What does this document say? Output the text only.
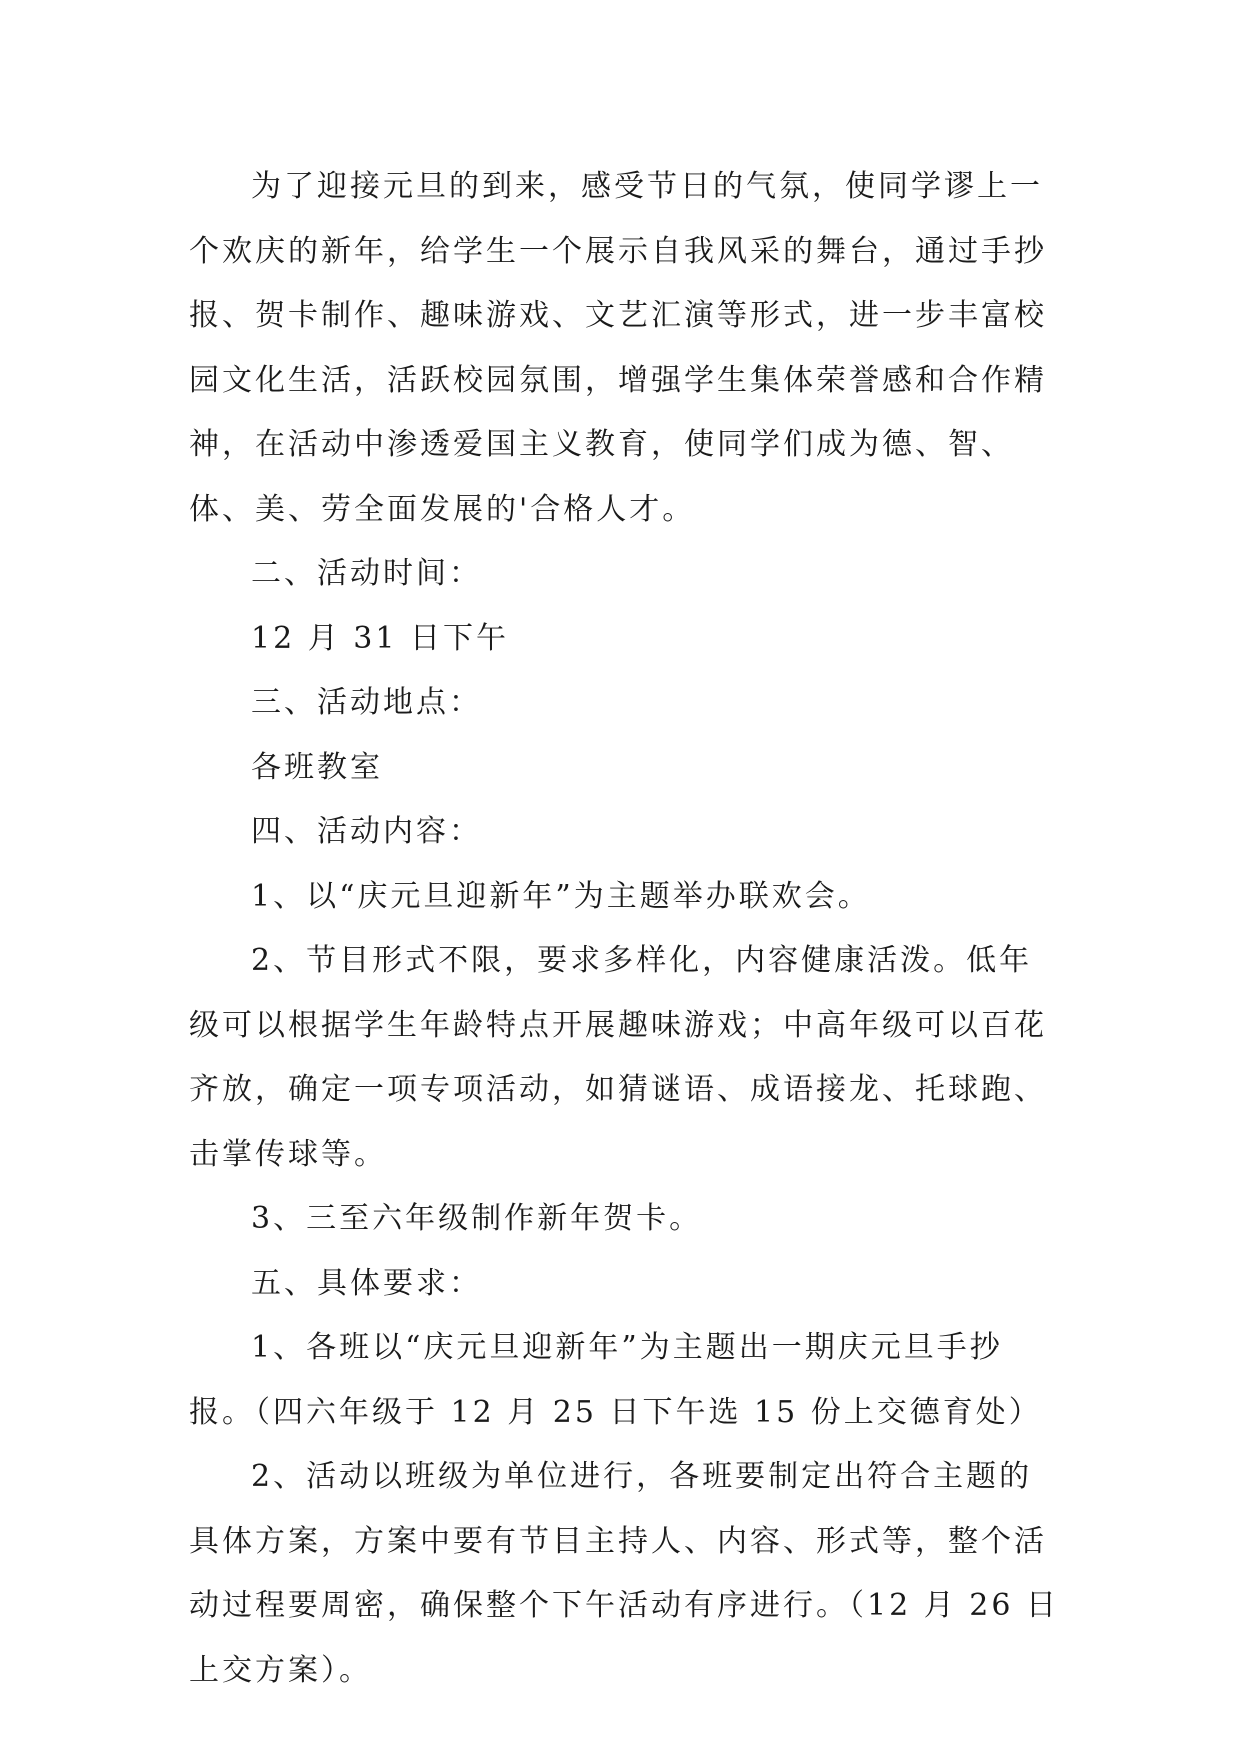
为了迎接元旦的到来，感受节日的气氛，使同学谬上一个欢庆的新年，给学生一个展示自我风采的舞台，通过手抄报、贺卡制作、趣味游戏、文艺汇演等形式，进一步丰富校园文化生活，活跃校园氛围，增强学生集体荣誉感和合作精神，在活动中渗透爱国主义教育，使同学们成为德、智、体、美、劳全面发展的'合格人才。

二、活动时间：

12 月 31 日下午

三、活动地点：

各班教室

四、活动内容：

1、以“庆元旦迎新年”为主题举办联欢会。

2、节目形式不限，要求多样化，内容健康活泼。低年级可以根据学生年龄特点开展趣味游戏；中高年级可以百花齐放，确定一项专项活动，如猜谜语、成语接龙、托球跑、击掌传球等。

3、三至六年级制作新年贺卡。

五、具体要求：

1、各班以“庆元旦迎新年”为主题出一期庆元旦手抄报。（四六年级于 12 月 25 日下午选 15 份上交德育处）

2、活动以班级为单位进行，各班要制定出符合主题的具体方案，方案中要有节目主持人、内容、形式等，整个活动过程要周密，确保整个下午活动有序进行。（12 月 26 日上交方案）。
